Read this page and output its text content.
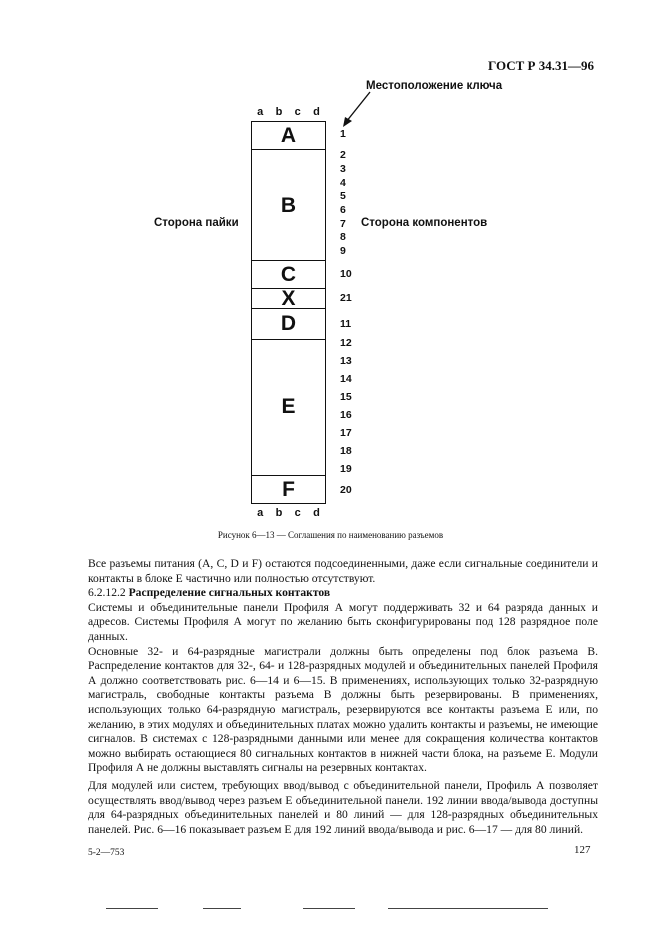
ГОСТ Р 34.31—96
Местоположение ключа
a b c d
Сторона пайки	Сторона компонентов
A
B
C
X
D
E
F
1
2
3
4
5
6
7
8
9
10
21
11
12
13
14
15
16
17
18
19
20
a b c d
Рисунок 6—13 — Соглашения по наименованию разъемов

Все разъемы питания (А, С, D и F) остаются подсоединенными, даже если сигнальные соединители и контакты в блоке Е частично или полностью отсутствуют.

6.2.12.2 Распределение сигнальных контактов

Системы и объединительные панели Профиля А могут поддерживать 32 и 64 разряда данных и адресов. Системы Профиля А могут по желанию быть сконфигурированы под 128 разрядное поле данных.

Основные 32- и 64-разрядные магистрали должны быть определены под блок разъема В. Распределение контактов для 32-, 64- и 128-разрядных модулей и объединительных панелей Профиля А должно соответствовать рис. 6—14 и 6—15. В применениях, использующих только 32-разрядную магистраль, свободные контакты разъема В должны быть резервированы. В применениях, использующих только 64-разрядную магистраль, резервируются все контакты разъема Е или, по желанию, в этих модулях и объединительных платах можно удалить контакты и разъемы, не имеющие сигналов. В системах с 128-разрядными данными или менее для сокращения количества контактов можно выбирать остающиеся 80 сигнальных контактов в нижней части блока, на разъеме Е. Модули Профиля А не должны выставлять сигналы на резервных контактах.

Для модулей или систем, требующих ввод/вывод с объединительной панели, Профиль А позволяет осуществлять ввод/вывод через разъем Е объединительной панели. 192 линии ввода/вывода доступны для 64-разрядных объединительных панелей и 80 линий — для 128-разрядных объединительных панелей. Рис. 6—16 показывает разъем Е для 192 линий ввода/вывода и рис. 6—17 — для 80 линий.

5-2—753	127
